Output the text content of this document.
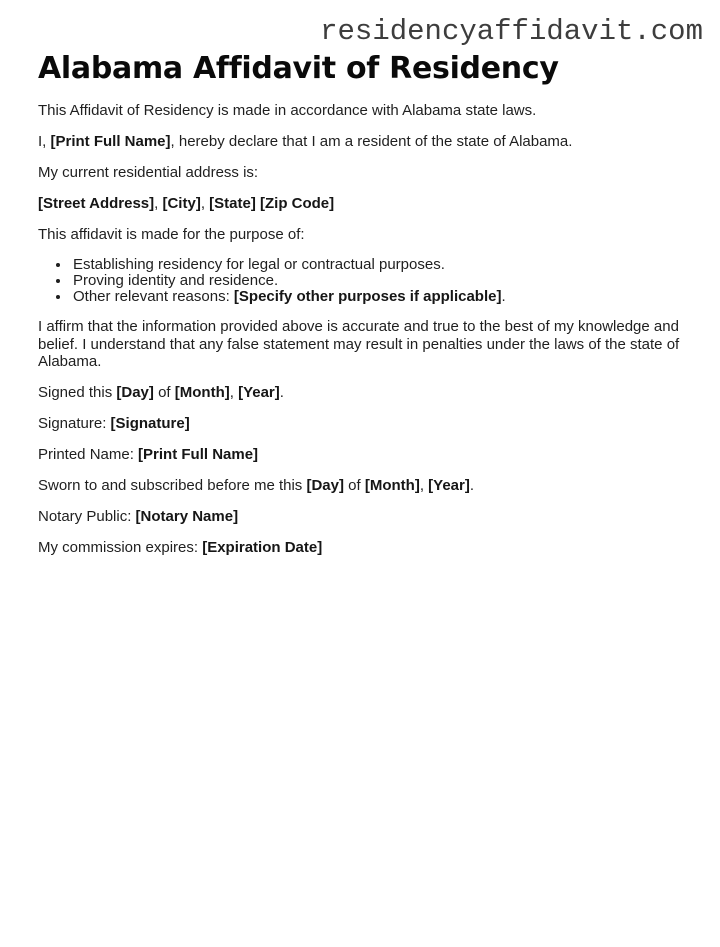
residencyaffidavit.com
Alabama Affidavit of Residency

This Affidavit of Residency is made in accordance with Alabama state laws.

I, [Print Full Name], hereby declare that I am a resident of the state of Alabama.

My current residential address is:

[Street Address], [City], [State] [Zip Code]

This affidavit is made for the purpose of:

• Establishing residency for legal or contractual purposes.
• Proving identity and residence.
• Other relevant reasons: [Specify other purposes if applicable].

I affirm that the information provided above is accurate and true to the best of my knowledge and belief. I understand that any false statement may result in penalties under the laws of the state of Alabama.

Signed this [Day] of [Month], [Year].

Signature: [Signature]

Printed Name: [Print Full Name]

Sworn to and subscribed before me this [Day] of [Month], [Year].

Notary Public: [Notary Name]

My commission expires: [Expiration Date]
